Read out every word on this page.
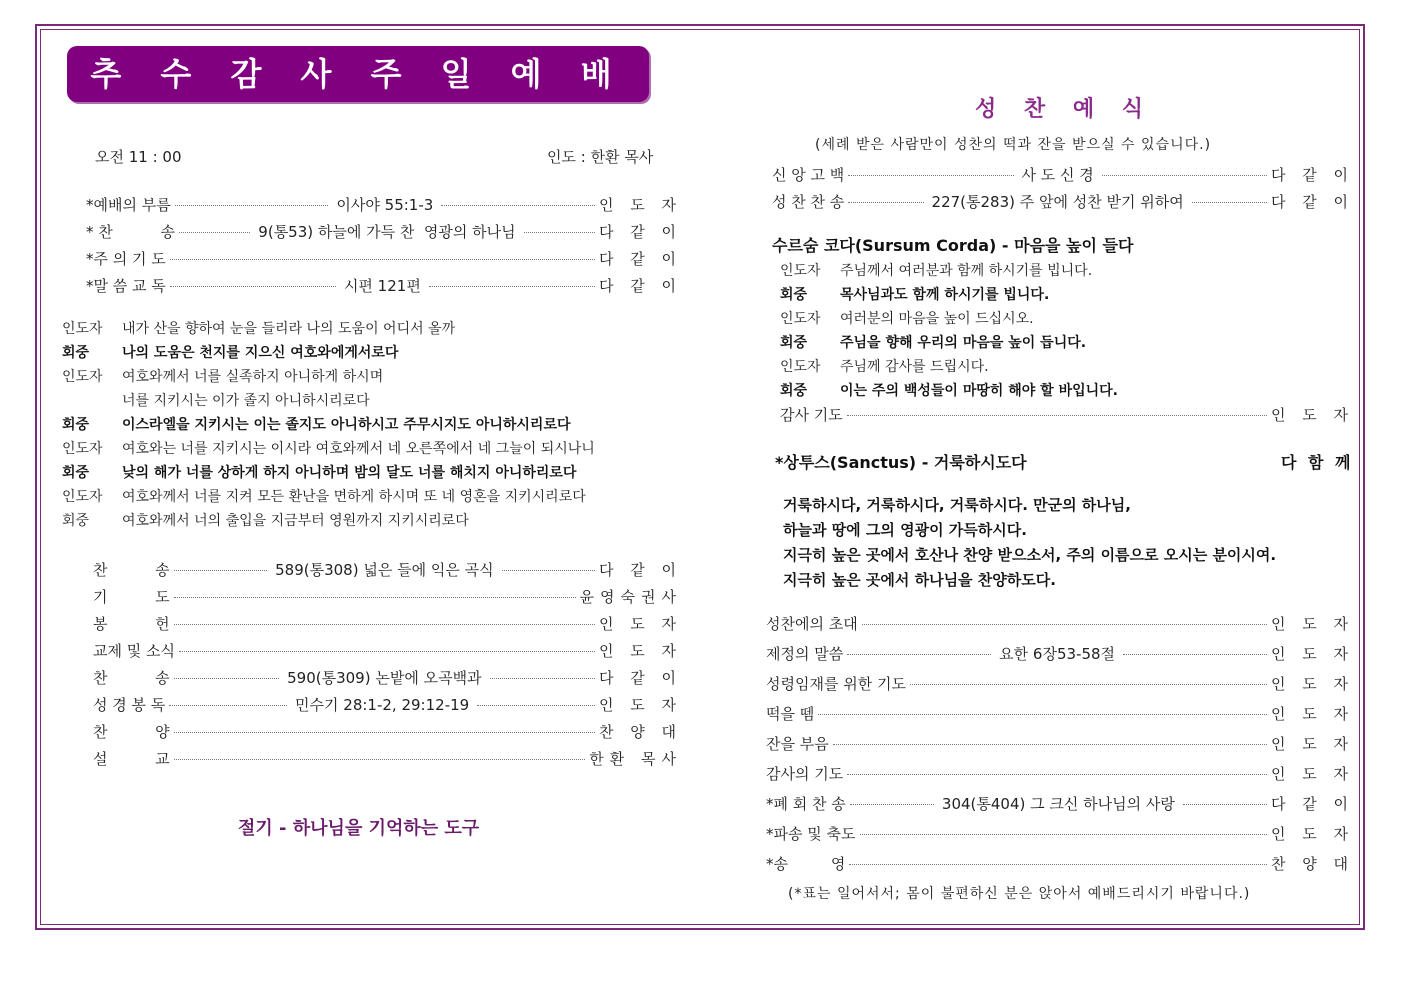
추 수 감 사 주 일 예 배
오전 11 : 00	인도 : 한환 목사
*예배의 부름	이사야 55:1-3	인 도 자
* 찬          송	9(통53) 하늘에 가득 찬  영광의 하나님	다 같 이
*주 의 기 도	다 같 이
*말 씀 교 독	시편 121편	다 같 이
인도자 내가 산을 향하여 눈을 들리라 나의 도움이 어디서 올까
회중 나의 도움은 천지를 지으신 여호와에게서로다
인도자 여호와께서 너를 실족하지 아니하게 하시며
너를 지키시는 이가 졸지 아니하시리로다
회중 이스라엘을 지키시는 이는 졸지도 아니하시고 주무시지도 아니하시리로다
인도자 여호와는 너를 지키시는 이시라 여호와께서 네 오른쪽에서 네 그늘이 되시나니
회중 낮의 해가 너를 상하게 하지 아니하며 밤의 달도 너를 해치지 아니하리로다
인도자 여호와께서 너를 지켜 모든 환난을 면하게 하시며 또 네 영혼을 지키시리로다
회중 여호와께서 너의 출입을 지금부터 영원까지 지키시리로다
찬          송	589(통308) 넓은 들에 익은 곡식	다 같 이
기          도	윤영숙권사
봉          헌	인 도 자
교제 및 소식	인 도 자
찬          송	590(통309) 논밭에 오곡백과	다 같 이
성 경 봉 독	민수기 28:1-2, 29:12-19	인 도 자
찬          양	찬 양 대
설          교	한환 목사
절기 - 하나님을 기억하는 도구
성 찬 예 식
(세례 받은 사람만이 성찬의 떡과 잔을 받으실 수 있습니다.)
신 앙 고 백	사 도 신 경	다 같 이
성 찬 찬 송	227(통283) 주 앞에 성찬 받기 위하여	다 같 이
수르숨 코다(Sursum Corda) - 마음을 높이 들다
인도자 주님께서 여러분과 함께 하시기를 빕니다.
회중 목사님과도 함께 하시기를 빕니다.
인도자 여러분의 마음을 높이 드십시오.
회중 주님을 향해 우리의 마음을 높이 듭니다.
인도자 주님께 감사를 드립시다.
회중 이는 주의 백성들이 마땅히 해야 할 바입니다.
감사 기도	인 도 자
*상투스(Sanctus) - 거룩하시도다	다 함 께
거룩하시다, 거룩하시다, 거룩하시다. 만군의 하나님,
하늘과 땅에 그의 영광이 가득하시다.
지극히 높은 곳에서 호산나 찬양 받으소서, 주의 이름으로 오시는 분이시여.
지극히 높은 곳에서 하나님을 찬양하도다.
성찬에의 초대	인 도 자
제정의 말씀	요한 6장53-58절	인 도 자
성령임재를 위한 기도	인 도 자
떡을 뗌	인 도 자
잔을 부음	인 도 자
감사의 기도	인 도 자
*폐 회 찬 송	304(통404) 그 크신 하나님의 사랑	다 같 이
*파송 및 축도	인 도 자
*송         영	찬 양 대
(*표는 일어서서; 몸이 불편하신 분은 앉아서 예배드리시기 바랍니다.)
